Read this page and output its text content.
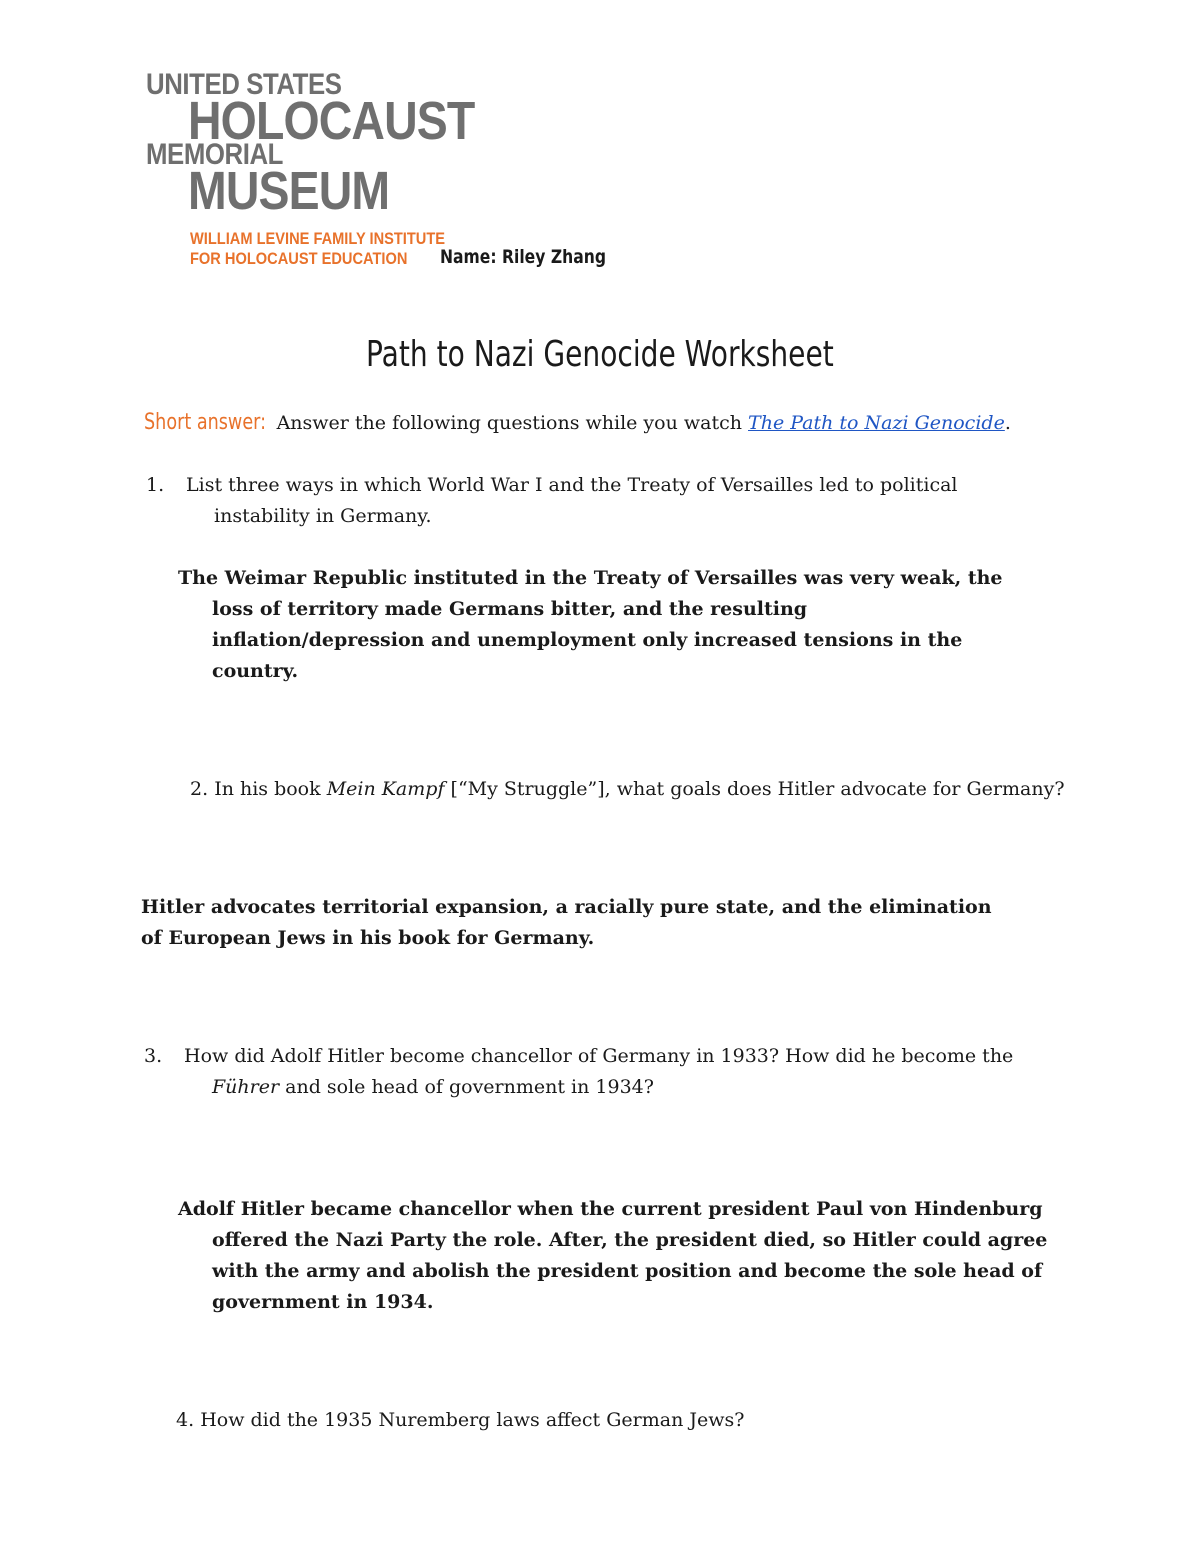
UNITED STATES
HOLOCAUST
MEMORIAL
MUSEUM
WILLIAM LEVINE FAMILY INSTITUTE
FOR HOLOCAUST EDUCATION Name: Riley Zhang
Path to Nazi Genocide Worksheet
Short answer: Answer the following questions while you watch The Path to Nazi Genocide.
1. List three ways in which World War I and the Treaty of Versailles led to political instability in Germany.
The Weimar Republic instituted in the Treaty of Versailles was very weak, the loss of territory made Germans bitter, and the resulting inflation/depression and unemployment only increased tensions in the country.
2. In his book Mein Kampf [“My Struggle”], what goals does Hitler advocate for Germany?
Hitler advocates territorial expansion, a racially pure state, and the elimination of European Jews in his book for Germany.
3. How did Adolf Hitler become chancellor of Germany in 1933? How did he become the Führer and sole head of government in 1934?
Adolf Hitler became chancellor when the current president Paul von Hindenburg offered the Nazi Party the role. After, the president died, so Hitler could agree with the army and abolish the president position and become the sole head of government in 1934.
4. How did the 1935 Nuremberg laws affect German Jews?
